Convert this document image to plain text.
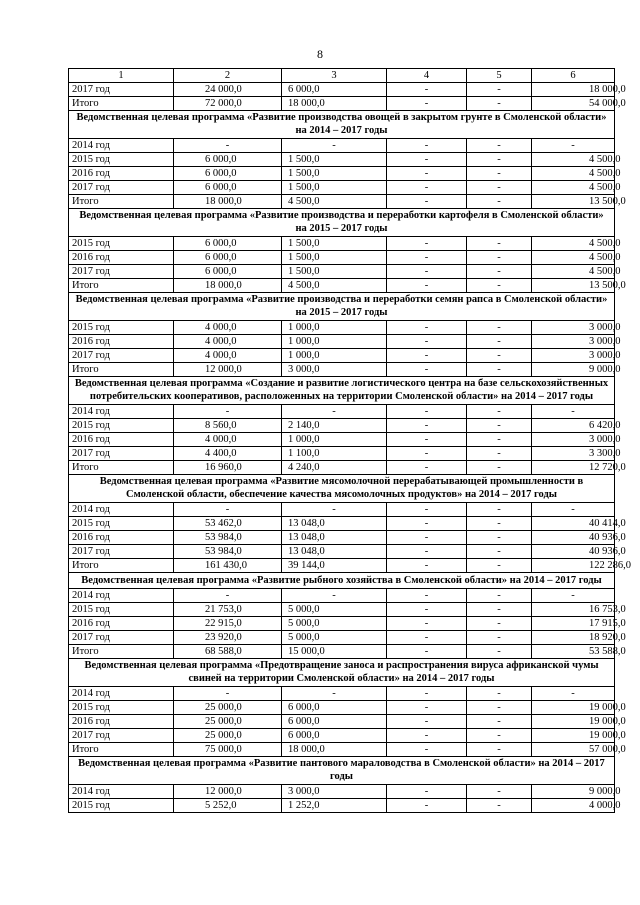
8
1	2	3	4	5	6
2017 год	24 000,0	6 000,0	-	-	18 000,0
Итого	72 000,0	18 000,0	-	-	54 000,0
Ведомственная целевая программа «Развитие производства овощей в закрытом грунте в Смоленской области» на 2014 – 2017 годы					
2014 год	-	-	-	-	-
2015 год	6 000,0	1 500,0	-	-	4 500,0
2016 год	6 000,0	1 500,0	-	-	4 500,0
2017 год	6 000,0	1 500,0	-	-	4 500,0
Итого	18 000,0	4 500,0	-	-	13 500,0
Ведомственная целевая программа «Развитие производства и переработки картофеля в Смоленской области» на 2015 – 2017 годы					
2015 год	6 000,0	1 500,0	-	-	4 500,0
2016 год	6 000,0	1 500,0	-	-	4 500,0
2017 год	6 000,0	1 500,0	-	-	4 500,0
Итого	18 000,0	4 500,0	-	-	13 500,0
Ведомственная целевая программа «Развитие производства и переработки семян рапса в Смоленской области» на 2015 – 2017 годы					
2015 год	4 000,0	1 000,0	-	-	3 000,0
2016 год	4 000,0	1 000,0	-	-	3 000,0
2017 год	4 000,0	1 000,0	-	-	3 000,0
Итого	12 000,0	3 000,0	-	-	9 000,0
Ведомственная целевая программа «Создание и развитие логистического центра на базе сельскохозяйственных потребительских кооперативов, расположенных на территории Смоленской области» на 2014 – 2017 годы					
2014 год	-	-	-	-	-
2015 год	8 560,0	2 140,0	-	-	6 420,0
2016 год	4 000,0	1 000,0	-	-	3 000,0
2017 год	4 400,0	1 100,0	-	-	3 300,0
Итого	16 960,0	4 240,0	-	-	12 720,0
Ведомственная целевая программа «Развитие мясомолочной перерабатывающей промышленности в Смоленской области, обеспечение качества мясомолочных продуктов» на 2014 – 2017 годы					
2014 год	-	-	-	-	-
2015 год	53 462,0	13 048,0	-	-	40 414,0
2016 год	53 984,0	13 048,0	-	-	40 936,0
2017 год	53 984,0	13 048,0	-	-	40 936,0
Итого	161 430,0	39 144,0	-	-	122 286,0
Ведомственная целевая программа «Развитие рыбного хозяйства в Смоленской области» на 2014 – 2017 годы					
2014 год	-	-	-	-	-
2015 год	21 753,0	5 000,0	-	-	16 753,0
2016 год	22 915,0	5 000,0	-	-	17 915,0
2017 год	23 920,0	5 000,0	-	-	18 920,0
Итого	68 588,0	15 000,0	-	-	53 588,0
Ведомственная целевая программа «Предотвращение заноса и распространения вируса африканской чумы свиней на территории Смоленской области» на 2014 – 2017 годы					
2014 год	-	-	-	-	-
2015 год	25 000,0	6 000,0	-	-	19 000,0
2016 год	25 000,0	6 000,0	-	-	19 000,0
2017 год	25 000,0	6 000,0	-	-	19 000,0
Итого	75 000,0	18 000,0	-	-	57 000,0
Ведомственная целевая программа «Развитие пантового мараловодства в Смоленской области» на 2014 – 2017 годы					
2014 год	12 000,0	3 000,0	-	-	9 000,0
2015 год	5 252,0	1 252,0	-	-	4 000,0
